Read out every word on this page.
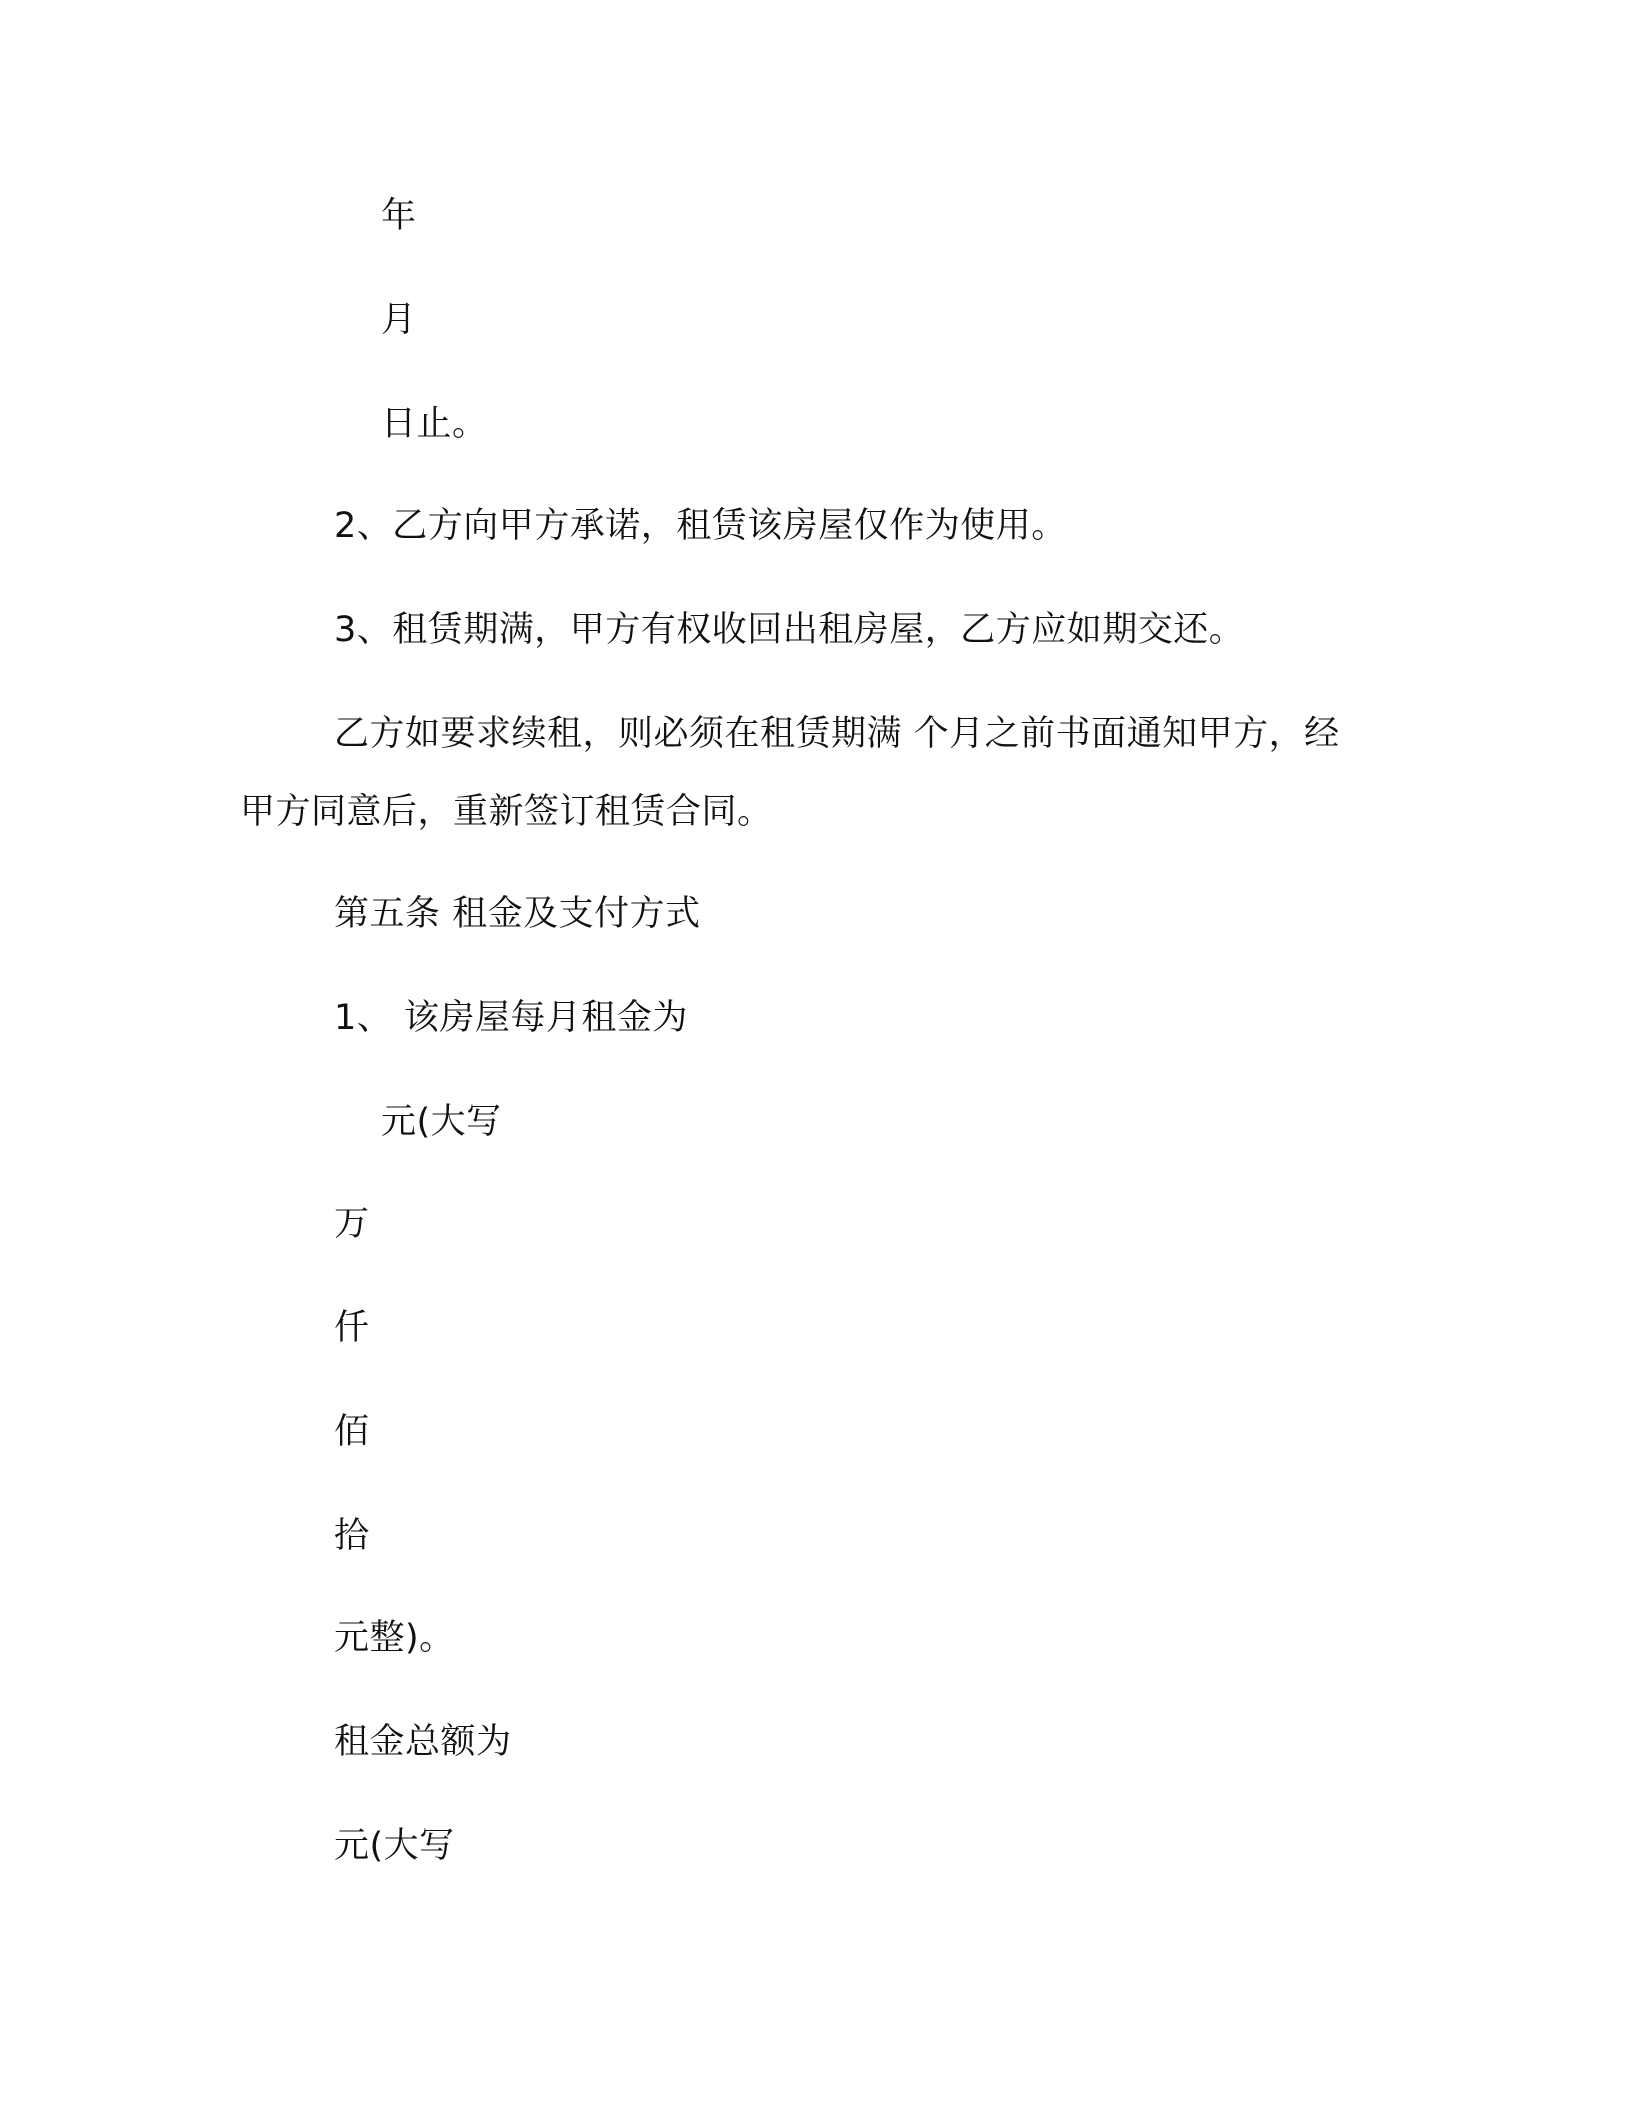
年
月
日止。
2、乙方向甲方承诺，租赁该房屋仅作为使用。
3、租赁期满，甲方有权收回出租房屋，乙方应如期交还。
乙方如要求续租，则必须在租赁期满 个月之前书面通知甲方，经
甲方同意后，重新签订租赁合同。
第五条 租金及支付方式
1、 该房屋每月租金为
元(大写
万
仟
佰
拾
元整)。
租金总额为
元(大写
